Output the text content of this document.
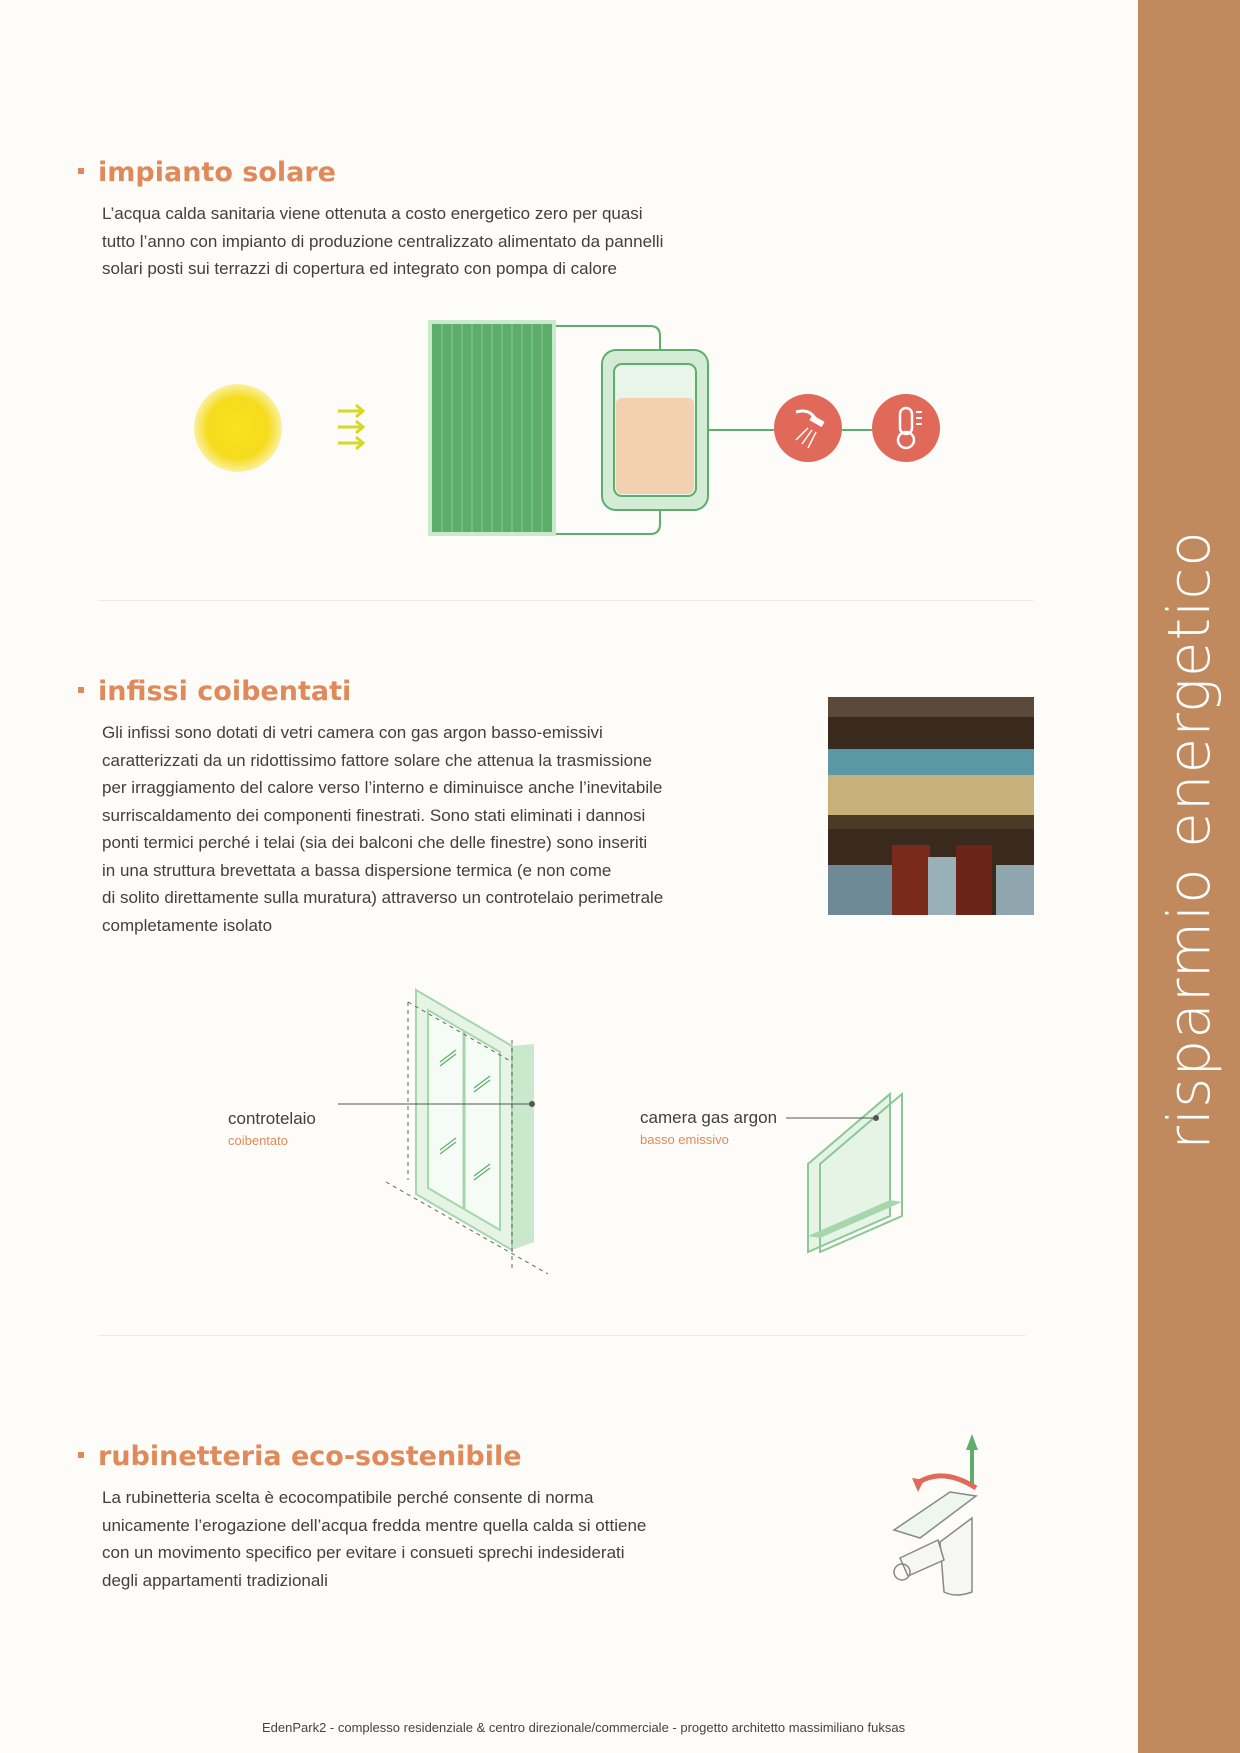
risparmio energetico
impianto solare
L’acqua calda sanitaria viene ottenuta a costo energetico zero per quasi
tutto l’anno con impianto di produzione centralizzato alimentato da pannelli
solari posti sui terrazzi di copertura ed integrato con pompa di calore
infissi coibentati
Gli infissi sono dotati di vetri camera con gas argon basso-emissivi
caratterizzati da un ridottissimo fattore solare che attenua la trasmissione
per irraggiamento del calore verso l’interno e diminuisce anche l’inevitabile
surriscaldamento dei componenti finestrati. Sono stati eliminati i dannosi
ponti termici perché i telai (sia dei balconi che delle finestre) sono inseriti
in una struttura brevettata a bassa dispersione termica (e non come
di solito direttamente sulla muratura) attraverso un controtelaio perimetrale
completamente isolato
controtelaio
coibentato
camera gas argon
basso emissivo
rubinetteria eco-sostenibile
La rubinetteria scelta è ecocompatibile perché consente di norma
unicamente l’erogazione dell’acqua fredda mentre quella calda si ottiene
con un movimento specifico per evitare i consueti sprechi indesiderati
degli appartamenti tradizionali
EdenPark2 - complesso residenziale & centro direzionale/commerciale - progetto architetto massimiliano fuksas
